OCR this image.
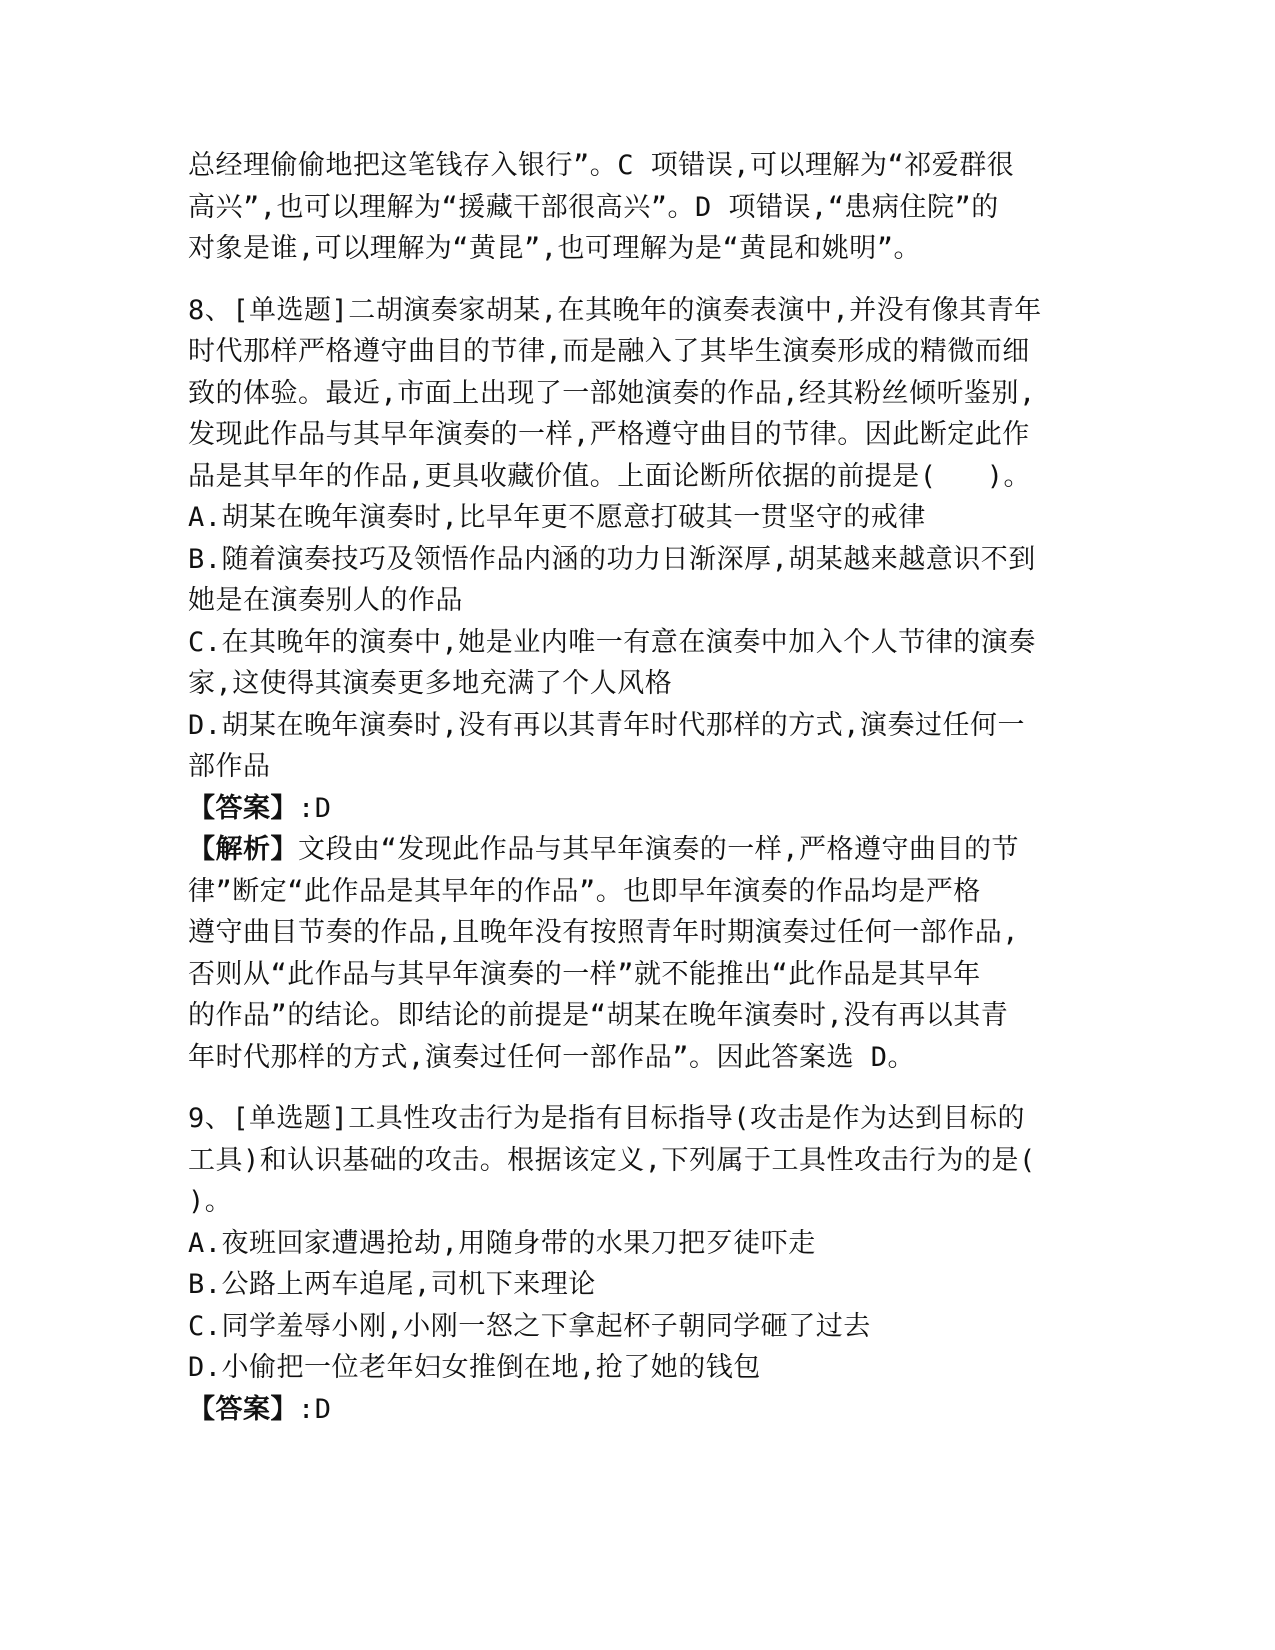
总经理偷偷地把这笔钱存入银行”。C 项错误,可以理解为“祁爱群很
高兴”,也可以理解为“援藏干部很高兴”。D 项错误,“患病住院”的
对象是谁,可以理解为“黄昆”,也可理解为是“黄昆和姚明”。
8、[单选题]二胡演奏家胡某,在其晚年的演奏表演中,并没有像其青年
时代那样严格遵守曲目的节律,而是融入了其毕生演奏形成的精微而细
致的体验。最近,市面上出现了一部她演奏的作品,经其粉丝倾听鉴别,
发现此作品与其早年演奏的一样,严格遵守曲目的节律。因此断定此作
品是其早年的作品,更具收藏价值。上面论断所依据的前提是(   )。
A.胡某在晚年演奏时,比早年更不愿意打破其一贯坚守的戒律
B.随着演奏技巧及领悟作品内涵的功力日渐深厚,胡某越来越意识不到
她是在演奏别人的作品
C.在其晚年的演奏中,她是业内唯一有意在演奏中加入个人节律的演奏
家,这使得其演奏更多地充满了个人风格
D.胡某在晚年演奏时,没有再以其青年时代那样的方式,演奏过任何一
部作品
【答案】:D
【解析】文段由“发现此作品与其早年演奏的一样,严格遵守曲目的节
律”断定“此作品是其早年的作品”。也即早年演奏的作品均是严格
遵守曲目节奏的作品,且晚年没有按照青年时期演奏过任何一部作品,
否则从“此作品与其早年演奏的一样”就不能推出“此作品是其早年
的作品”的结论。即结论的前提是“胡某在晚年演奏时,没有再以其青
年时代那样的方式,演奏过任何一部作品”。因此答案选 D。
9、[单选题]工具性攻击行为是指有目标指导(攻击是作为达到目标的
工具)和认识基础的攻击。根据该定义,下列属于工具性攻击行为的是(
)。
A.夜班回家遭遇抢劫,用随身带的水果刀把歹徒吓走
B.公路上两车追尾,司机下来理论
C.同学羞辱小刚,小刚一怒之下拿起杯子朝同学砸了过去
D.小偷把一位老年妇女推倒在地,抢了她的钱包
【答案】:D
